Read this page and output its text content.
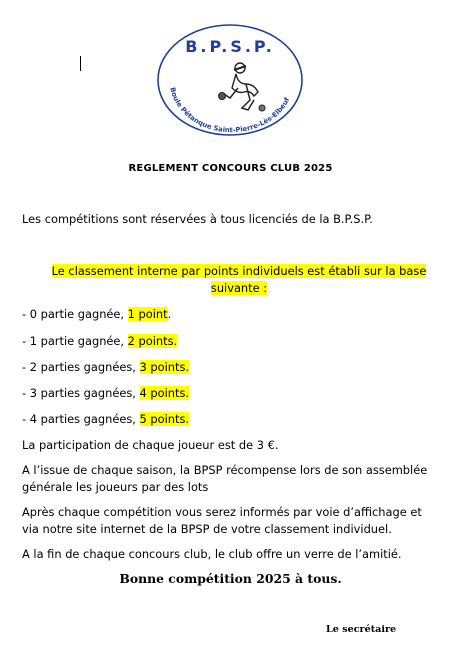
B.P.S.P.
Boule Pétanque Saint-Pierre-Lès-Elbeuf
REGLEMENT CONCOURS CLUB 2025
Les compétitions sont réservées à tous licenciés de la B.P.S.P.
Le classement interne par points individuels est établi sur la base suivante :
- 0 partie gagnée, 1 point.
- 1 partie gagnée, 2 points.
- 2 parties gagnées, 3 points.
- 3 parties gagnées, 4 points.
- 4 parties gagnées, 5 points.
La participation de chaque joueur est de 3 €.
A l’issue de chaque saison, la BPSP récompense lors de son assemblée générale les joueurs par des lots
Après chaque compétition vous serez informés par voie d’affichage et via notre site internet de la BPSP de votre classement individuel.
A la fin de chaque concours club, le club offre un verre de l’amitié.
Bonne compétition 2025 à tous.
Le secrétaire
